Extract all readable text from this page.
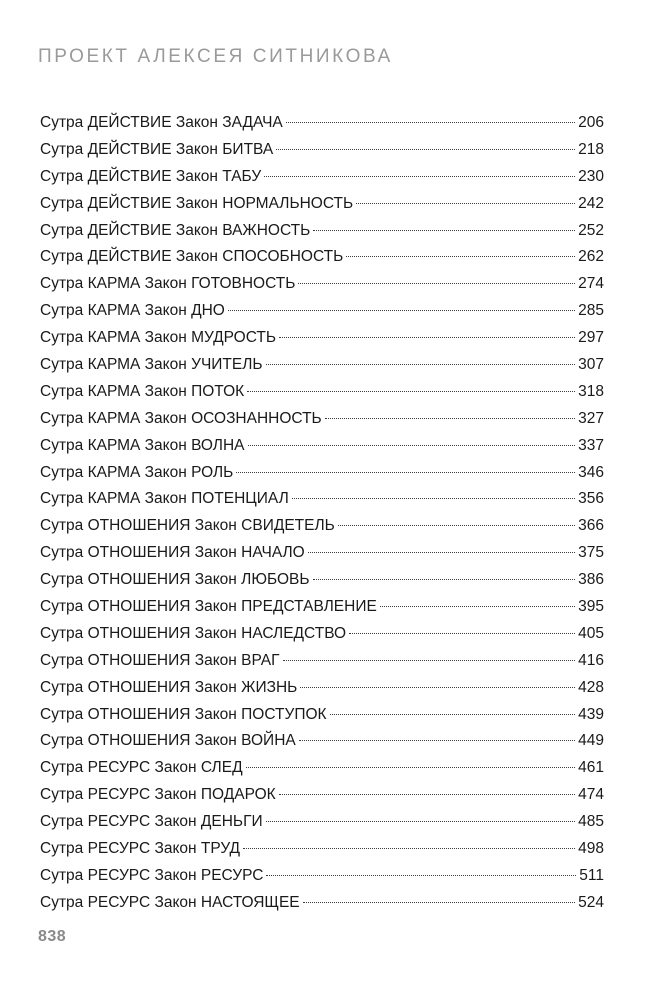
ПРОЕКТ АЛЕКСЕЯ СИТНИКОВА
Сутра ДЕЙСТВИЕ Закон ЗАДАЧА	206
Сутра ДЕЙСТВИЕ Закон БИТВА	218
Сутра ДЕЙСТВИЕ Закон ТАБУ	230
Сутра ДЕЙСТВИЕ Закон НОРМАЛЬНОСТЬ	242
Сутра ДЕЙСТВИЕ Закон ВАЖНОСТЬ	252
Сутра ДЕЙСТВИЕ Закон СПОСОБНОСТЬ	262
Сутра КАРМА Закон ГОТОВНОСТЬ	274
Сутра КАРМА Закон ДНО	285
Сутра КАРМА Закон МУДРОСТЬ	297
Сутра КАРМА Закон УЧИТЕЛЬ	307
Сутра КАРМА Закон ПОТОК	318
Сутра КАРМА Закон ОСОЗНАННОСТЬ	327
Сутра КАРМА Закон ВОЛНА	337
Сутра КАРМА Закон РОЛЬ	346
Сутра КАРМА Закон ПОТЕНЦИАЛ	356
Сутра ОТНОШЕНИЯ Закон СВИДЕТЕЛЬ	366
Сутра ОТНОШЕНИЯ Закон НАЧАЛО	375
Сутра ОТНОШЕНИЯ Закон ЛЮБОВЬ	386
Сутра ОТНОШЕНИЯ Закон ПРЕДСТАВЛЕНИЕ	395
Сутра ОТНОШЕНИЯ Закон НАСЛЕДСТВО	405
Сутра ОТНОШЕНИЯ Закон ВРАГ	416
Сутра ОТНОШЕНИЯ Закон ЖИЗНЬ	428
Сутра ОТНОШЕНИЯ Закон ПОСТУПОК	439
Сутра ОТНОШЕНИЯ Закон ВОЙНА	449
Сутра РЕСУРС Закон СЛЕД	461
Сутра РЕСУРС Закон ПОДАРОК	474
Сутра РЕСУРС Закон ДЕНЬГИ	485
Сутра РЕСУРС Закон ТРУД	498
Сутра РЕСУРС Закон РЕСУРС	511
Сутра РЕСУРС Закон НАСТОЯЩЕЕ	524
838
